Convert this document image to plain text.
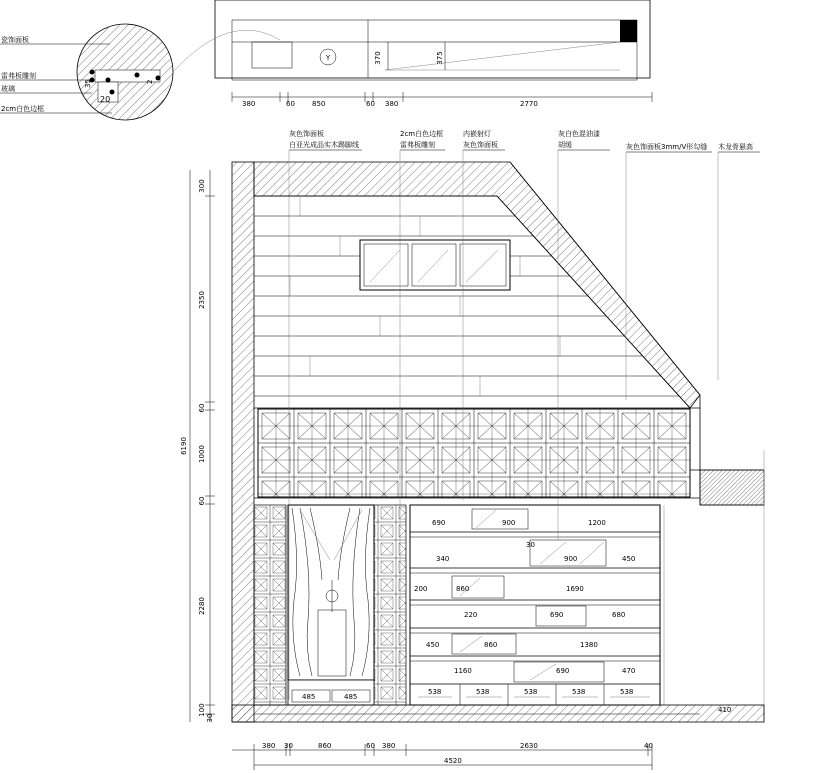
Y	370	375
380	60 850	60 380	2770
35
20
2
瓷饰面板
雷弗板雕刻
玻璃
2cm白色边框
485	485
690	900	1200
340
30
900	450
200	860	1690
220	690	680
450	860	1380
1160	690	470
538	538	538	538	538
410
灰色饰面板
白亚光成品实木踢脚线
2cm白色边框
雷弗板雕刻
内嵌射灯
灰色饰面板
灰白色混油漆
胡缓	灰色饰面板3mm/V形勾缝 木龙骨悬高
300
2350
60
1000
60
2280
100
30
6190
380 30	860	60 380	2630	40
4520
